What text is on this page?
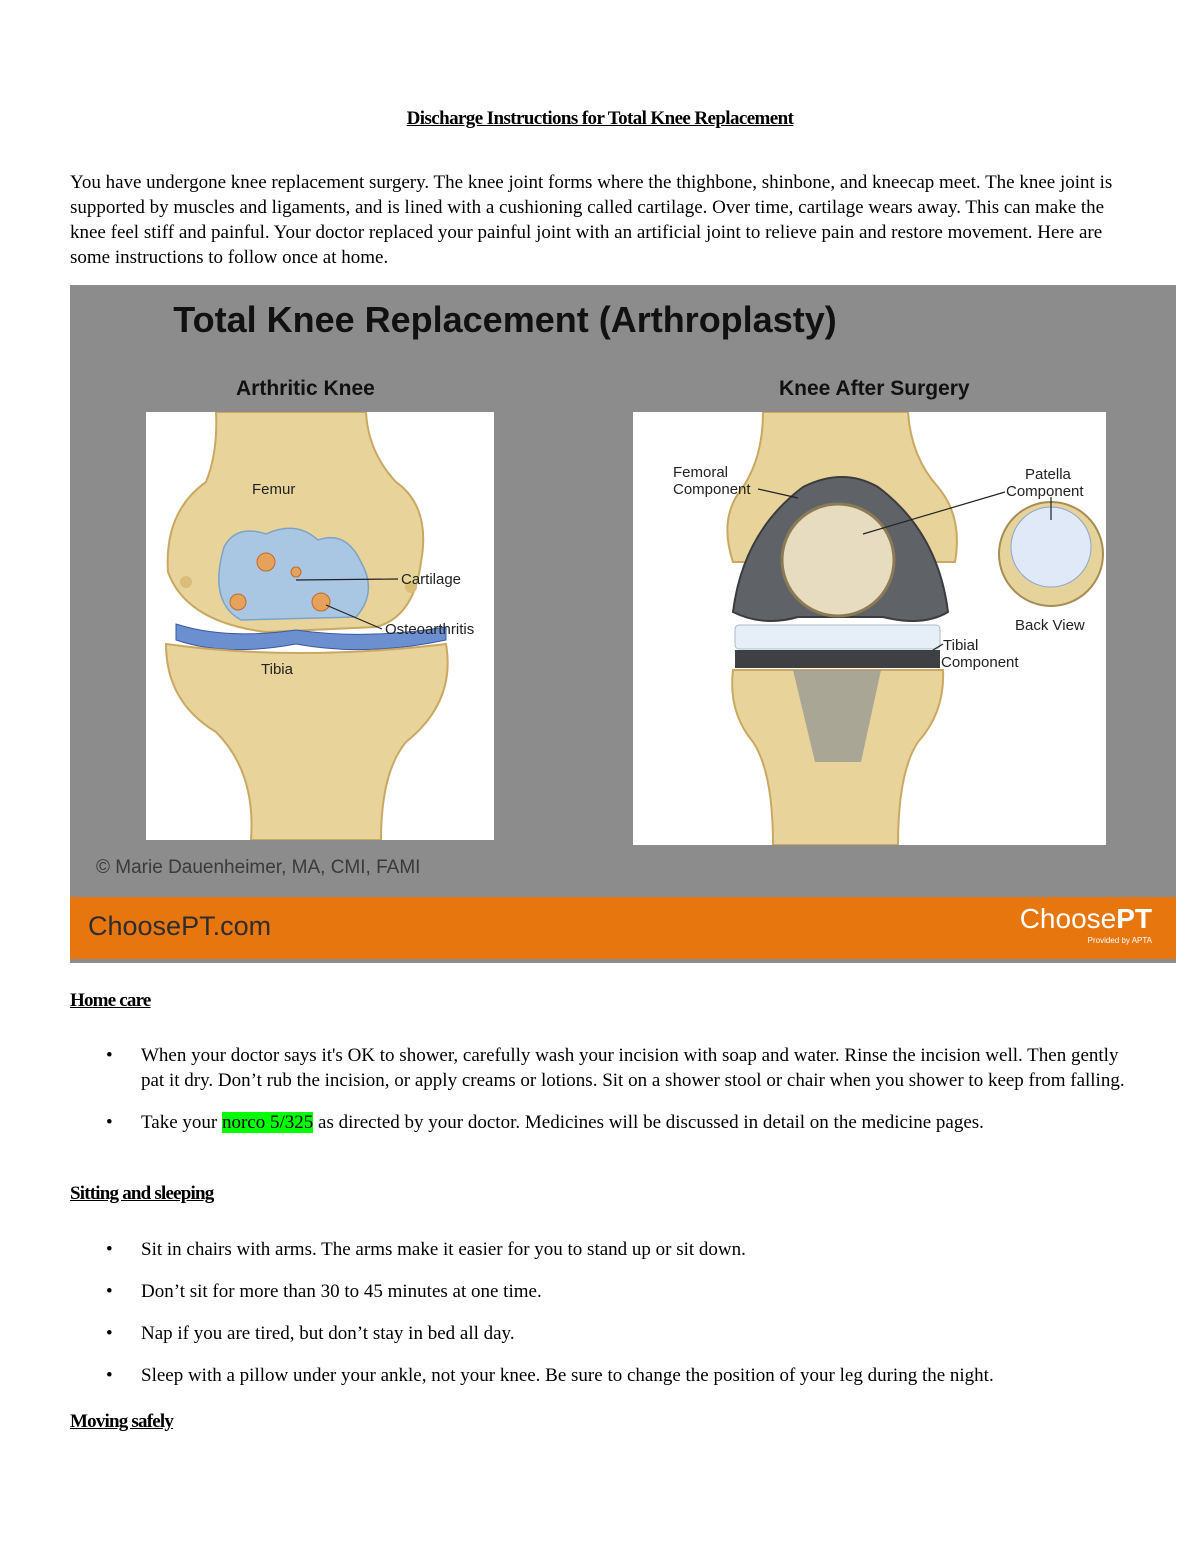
Discharge Instructions for Total Knee Replacement
You have undergone knee replacement surgery. The knee joint forms where the thighbone, shinbone, and kneecap meet. The knee joint is supported by muscles and ligaments, and is lined with a cushioning called cartilage. Over time, cartilage wears away. This can make the knee feel stiff and painful. Your doctor replaced your painful joint with an artificial joint to relieve pain and restore movement. Here are some instructions to follow once at home.
Total Knee Replacement (Arthroplasty)
Arthritic Knee	Knee After Surgery
Femur
Cartilage
Osteoarthritis
Tibia
Femoral
Component
Patella
Component
Back View
Tibial
Component
© Marie Dauenheimer, MA, CMI, FAMI
ChoosePT.com	ChoosePT
Provided by APTA
Home care
• When your doctor says it's OK to shower, carefully wash your incision with soap and water. Rinse the incision well. Then gently pat it dry. Don’t rub the incision, or apply creams or lotions. Sit on a shower stool or chair when you shower to keep from falling.
• Take your norco 5/325 as directed by your doctor. Medicines will be discussed in detail on the medicine pages.
Sitting and sleeping
• Sit in chairs with arms. The arms make it easier for you to stand up or sit down.
• Don’t sit for more than 30 to 45 minutes at one time.
• Nap if you are tired, but don’t stay in bed all day.
• Sleep with a pillow under your ankle, not your knee. Be sure to change the position of your leg during the night.
Moving safely
